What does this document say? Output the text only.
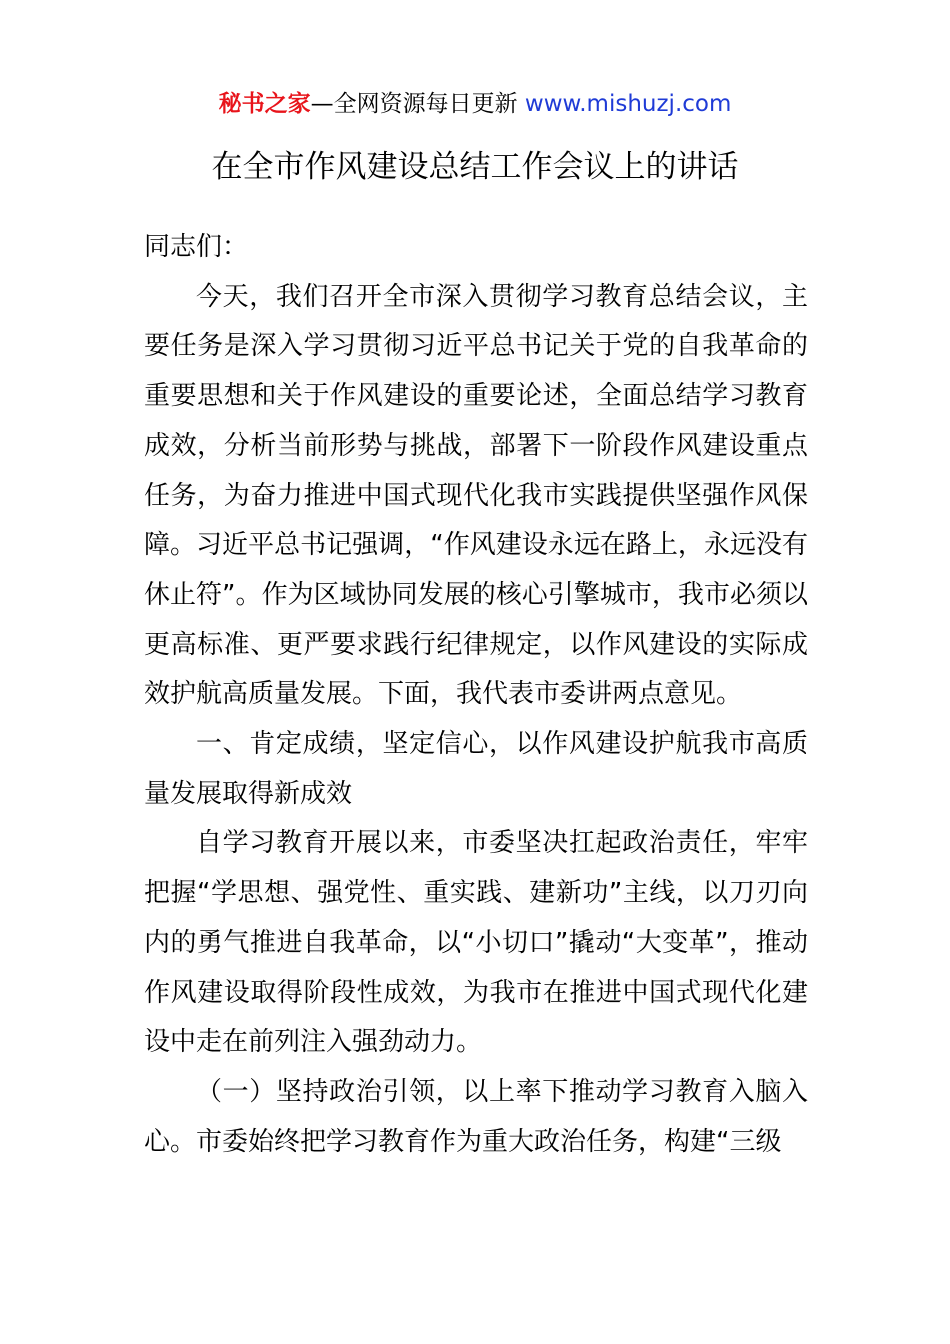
秘书之家—全网资源每日更新 www.mishuzj.com
在全市作风建设总结工作会议上的讲话

同志们：

今天，我们召开全市深入贯彻学习教育总结会议，主要任务是深入学习贯彻习近平总书记关于党的自我革命的重要思想和关于作风建设的重要论述，全面总结学习教育成效，分析当前形势与挑战，部署下一阶段作风建设重点任务，为奋力推进中国式现代化我市实践提供坚强作风保障。习近平总书记强调，“作风建设永远在路上，永远没有休止符”。作为区域协同发展的核心引擎城市，我市必须以更高标准、更严要求践行纪律规定，以作风建设的实际成效护航高质量发展。下面，我代表市委讲两点意见。

一、肯定成绩，坚定信心，以作风建设护航我市高质量发展取得新成效

自学习教育开展以来，市委坚决扛起政治责任，牢牢把握“学思想、强党性、重实践、建新功”主线，以刀刃向内的勇气推进自我革命，以“小切口”撬动“大变革”，推动作风建设取得阶段性成效，为我市在推进中国式现代化建设中走在前列注入强劲动力。

（一）坚持政治引领，以上率下推动学习教育入脑入心。市委始终把学习教育作为重大政治任务，构建“三级
